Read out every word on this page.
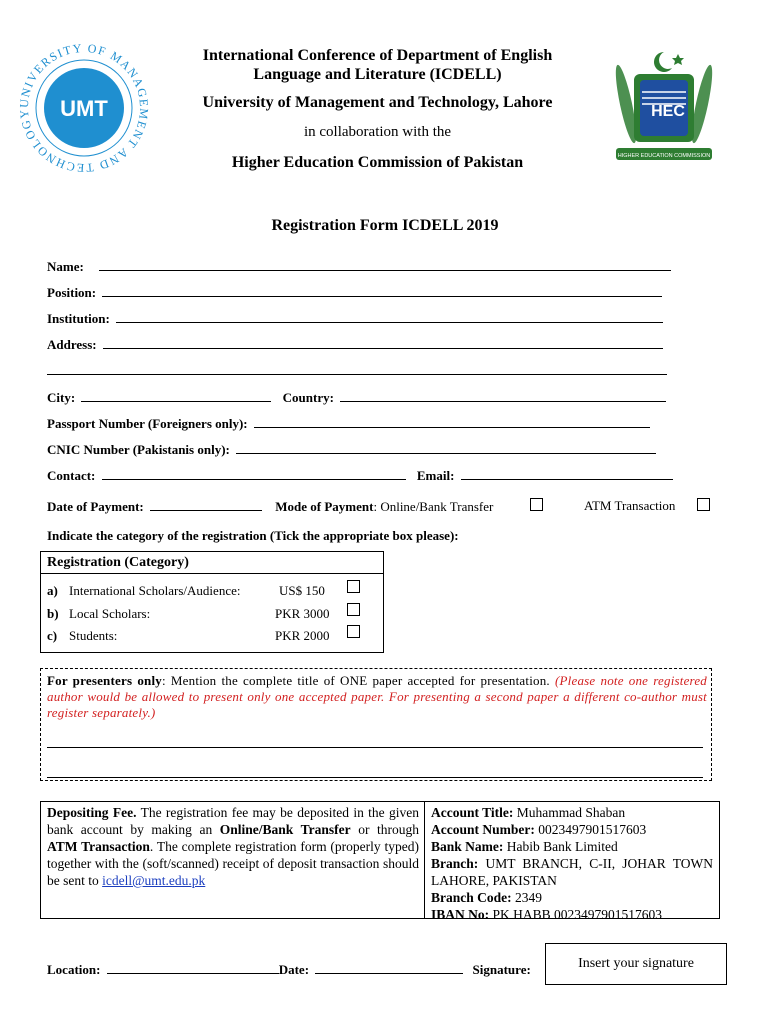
UMT
UNIVERSITY OF MANAGEMENT AND TECHNOLOGY
International Conference of Department of English
Language and Literature (ICDELL)
University of Management and Technology, Lahore
in collaboration with the
Higher Education Commission of Pakistan
HEC
HIGHER EDUCATION COMMISSION
Registration Form ICDELL 2019
Name:
Position:
Institution:
Address:
City:	Country:
Passport Number (Foreigners only):
CNIC Number (Pakistanis only):
Contact:	Email:
Date of Payment:	Mode of Payment: Online/Bank Transfer	ATM Transaction
Indicate the category of the registration (Tick the appropriate box please):
Registration (Category)
a) International Scholars/Audience:	US$ 150
b) Local Scholars:	PKR 3000
c) Students:	PKR 2000
For presenters only: Mention the complete title of ONE paper accepted for presentation. (Please note one registered author would be allowed to present only one accepted paper. For presenting a second paper a different co-author must register separately.)
Depositing Fee. The registration fee may be deposited in the given bank account by making an Online/Bank Transfer or through ATM Transaction. The complete registration form (properly typed) together with the (soft/scanned) receipt of deposit transaction should be sent to icdell@umt.edu.pk
Account Title: Muhammad Shaban
Account Number: 0023497901517603
Bank Name: Habib Bank Limited
Branch: UMT BRANCH, C-II, JOHAR TOWN LAHORE, PAKISTAN
Branch Code: 2349
IBAN No: PK HABB 0023497901517603
Location:	Date:	Signature:	Insert your signature
